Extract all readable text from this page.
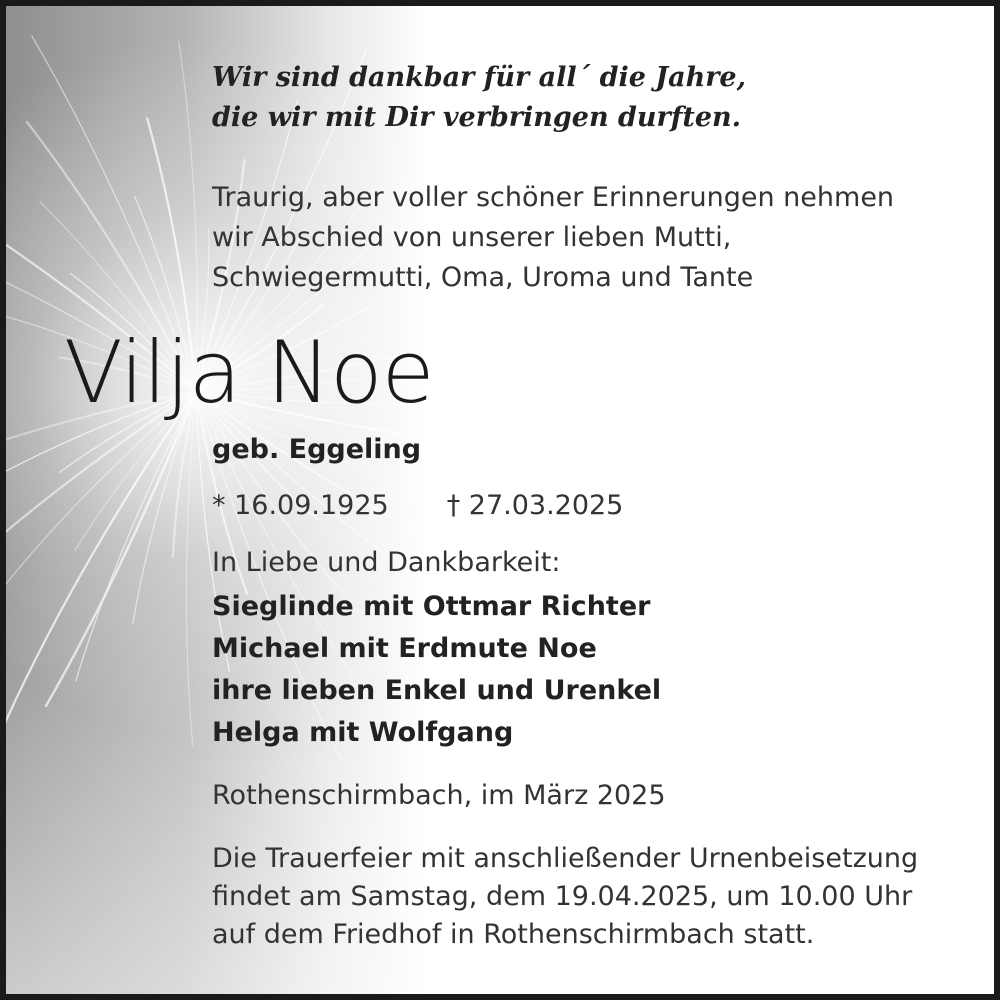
Wir sind dankbar für all´ die Jahre,
die wir mit Dir verbringen durften.
Traurig, aber voller schöner Erinnerungen nehmen
wir Abschied von unserer lieben Mutti,
Schwiegermutti, Oma, Uroma und Tante
Vilja Noe
geb. Eggeling
* 16.09.1925 † 27.03.2025
In Liebe und Dankbarkeit:
Sieglinde mit Ottmar Richter
Michael mit Erdmute Noe
ihre lieben Enkel und Urenkel
Helga mit Wolfgang
Rothenschirmbach, im März 2025
Die Trauerfeier mit anschließender Urnenbeisetzung
findet am Samstag, dem 19.04.2025, um 10.00 Uhr
auf dem Friedhof in Rothenschirmbach statt.
